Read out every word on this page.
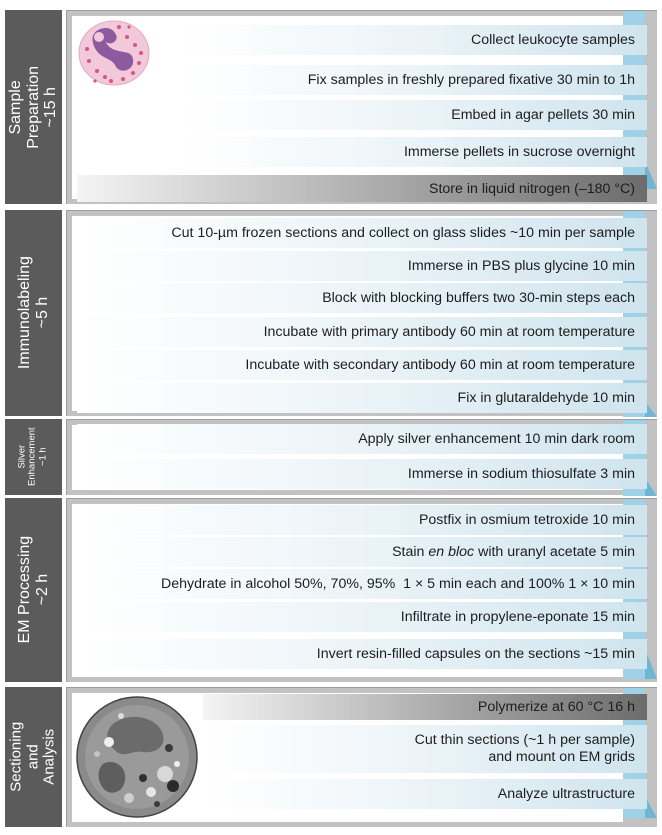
Sample Preparation ~15 h
Collect leukocyte samples
Fix samples in freshly prepared fixative 30 min to 1h
Embed in agar pellets 30 min
Immerse pellets in sucrose overnight
Store in liquid nitrogen (–180 °C)
Immunolabeling ~5 h
Cut 10-µm frozen sections and collect on glass slides ~10 min per sample
Immerse in PBS plus glycine 10 min
Block with blocking buffers two 30-min steps each
Incubate with primary antibody 60 min at room temperature
Incubate with secondary antibody 60 min at room temperature
Fix in glutaraldehyde 10 min
Silver Enhancement ~1 h
Apply silver enhancement 10 min dark room
Immerse in sodium thiosulfate 3 min
EM Processing ~2 h
Postfix in osmium tetroxide 10 min
Stain en bloc with uranyl acetate 5 min
Dehydrate in alcohol 50%, 70%, 95%  1 × 5 min each and 100% 1 × 10 min
Infiltrate in propylene-eponate 15 min
Invert resin-filled capsules on the sections ~15 min
Sectioning and Analysis
Polymerize at 60 °C 16 h
Cut thin sections (~1 h per sample)
and mount on EM grids
Analyze ultrastructure
